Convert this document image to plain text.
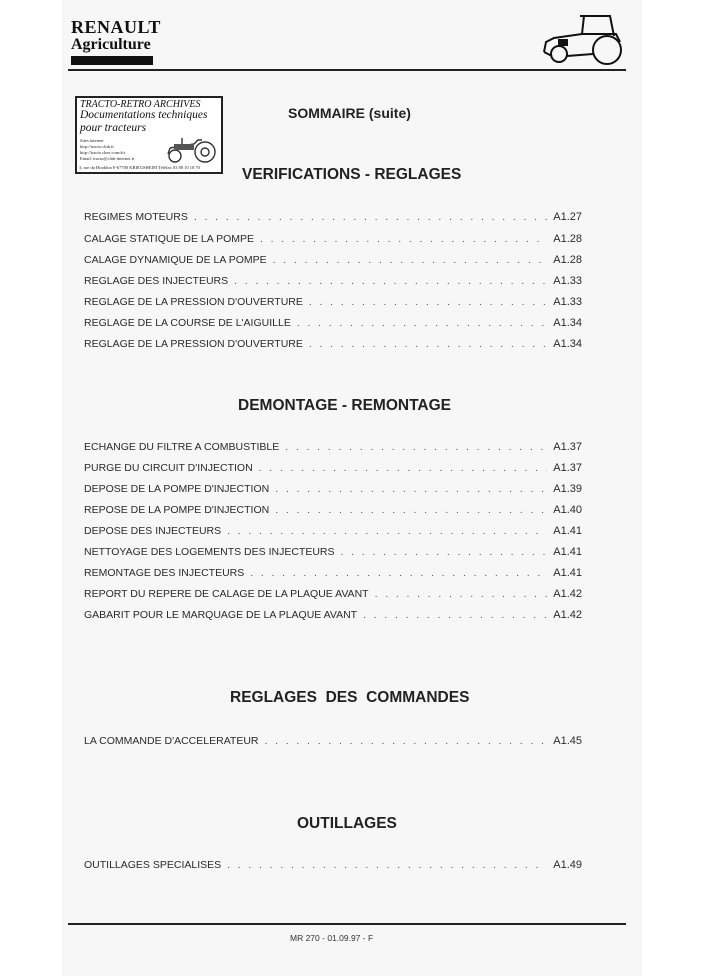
RENAULT
Agriculture
TRACTO-RETRO ARCHIVES
Documentations techniques
pour tracteurs
Sites internet
http://tracto.club.fr
http://tracto.chez.com/sfr
Email: tracto@club-internet.fr
3, rue du Houblon F-67700 KRIEGSHEIM Téléfax 03 88 10 18 70
SOMMAIRE (suite)
VERIFICATIONS - REGLAGES
REGIMES MOTEURS . . .	A1.27
CALAGE STATIQUE DE LA POMPE . . .	A1.28
CALAGE DYNAMIQUE DE LA POMPE . . .	A1.28
REGLAGE DES INJECTEURS . . .	A1.33
REGLAGE DE LA PRESSION D'OUVERTURE . . .	A1.33
REGLAGE DE LA COURSE DE L'AIGUILLE . . .	A1.34
REGLAGE DE LA PRESSION D'OUVERTURE . . .	A1.34
DEMONTAGE - REMONTAGE
ECHANGE DU FILTRE A COMBUSTIBLE . . .	A1.37
PURGE DU CIRCUIT D'INJECTION . . .	A1.37
DEPOSE DE LA POMPE D'INJECTION . . .	A1.39
REPOSE DE LA POMPE D'INJECTION . . .	A1.40
DEPOSE DES INJECTEURS . . .	A1.41
NETTOYAGE DES LOGEMENTS DES INJECTEURS . . .	A1.41
REMONTAGE DES INJECTEURS . . .	A1.41
REPORT DU REPERE DE CALAGE DE LA PLAQUE AVANT . . .	A1.42
GABARIT POUR LE MARQUAGE DE LA PLAQUE AVANT . . .	A1.42
REGLAGES  DES  COMMANDES
LA COMMANDE D'ACCELERATEUR . . .	A1.45
OUTILLAGES
OUTILLAGES SPECIALISES . . .	A1.49
MR 270 - 01.09.97 - F
